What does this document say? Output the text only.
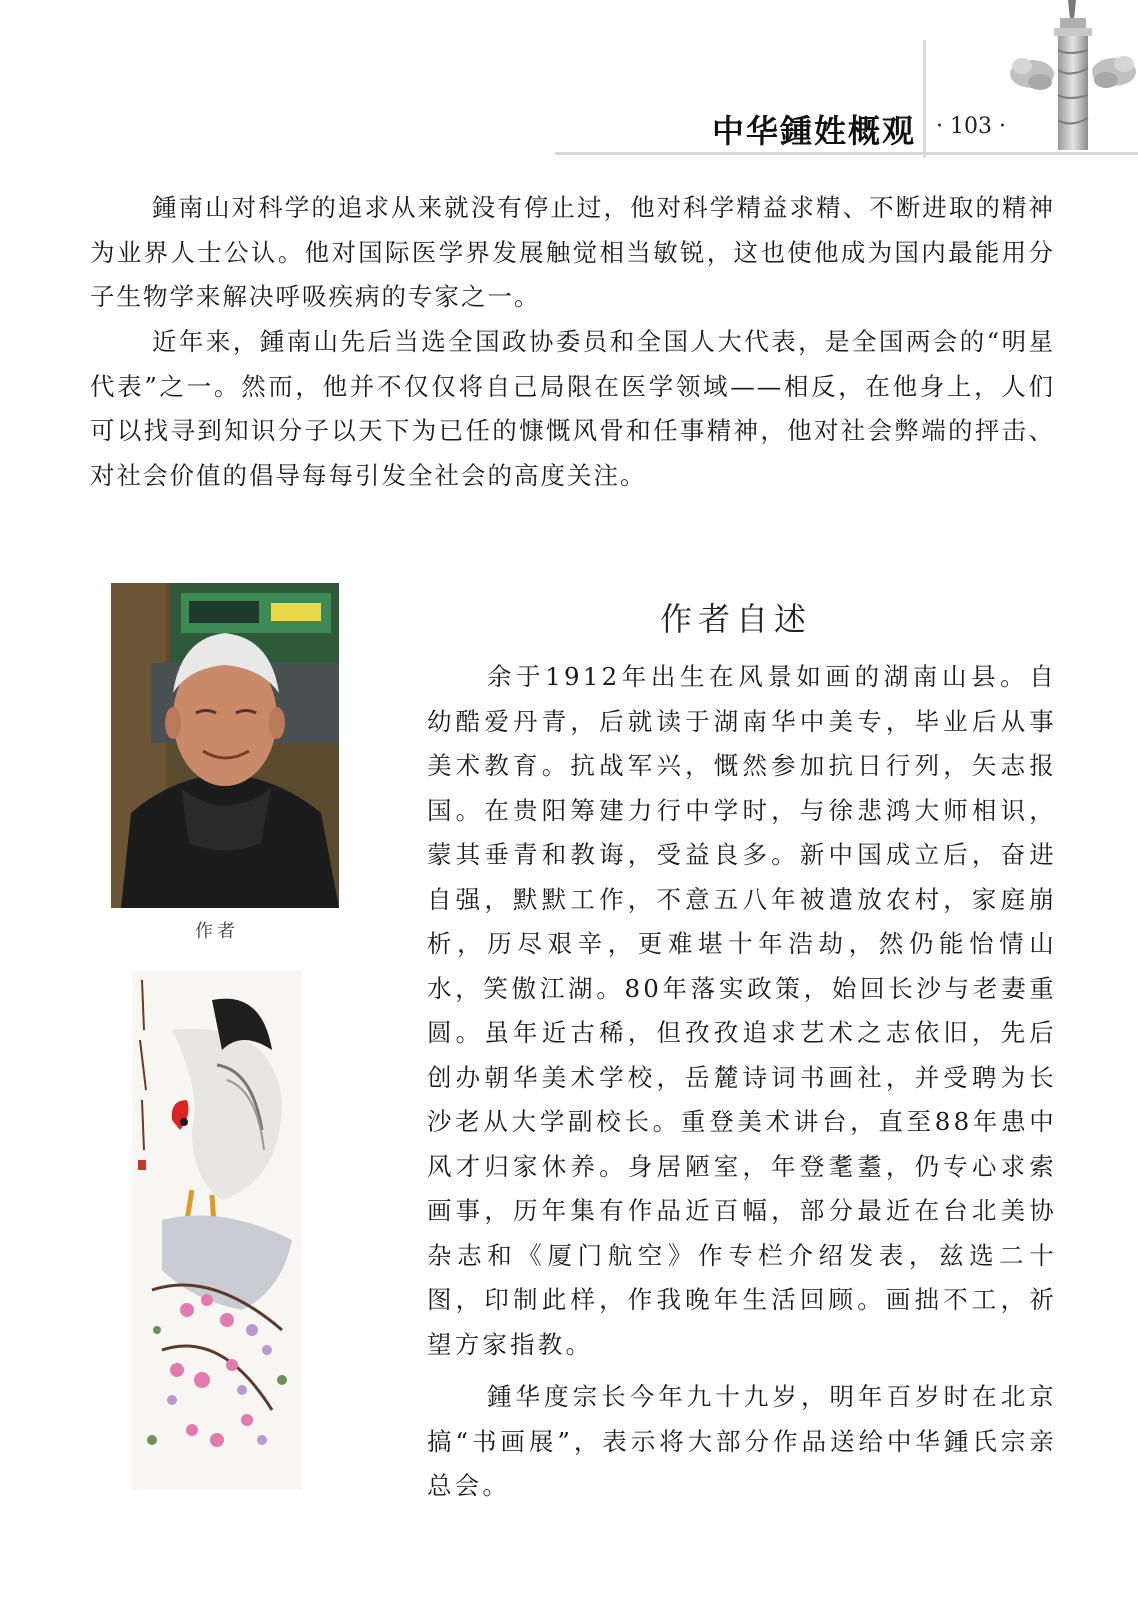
中华鍾姓概观 · 103 ·

鍾南山对科学的追求从来就没有停止过，他对科学精益求精、不断进取的精神为业界人士公认。他对国际医学界发展触觉相当敏锐，这也使他成为国内最能用分子生物学来解决呼吸疾病的专家之一。

近年来，鍾南山先后当选全国政协委员和全国人大代表，是全国两会的“明星代表”之一。然而，他并不仅仅将自己局限在医学领域——相反，在他身上，人们可以找寻到知识分子以天下为已任的慷慨风骨和任事精神，他对社会弊端的抨击、对社会价值的倡导每每引发全社会的高度关注。

作者
作者自述

余于1912年出生在风景如画的湖南山县。自幼酷爱丹青，后就读于湖南华中美专，毕业后从事美术教育。抗战军兴，慨然参加抗日行列，矢志报国。在贵阳筹建力行中学时，与徐悲鸿大师相识，蒙其垂青和教诲，受益良多。新中国成立后，奋进自强，默默工作，不意五八年被遣放农村，家庭崩析，历尽艰辛，更难堪十年浩劫，然仍能怡情山水，笑傲江湖。80年落实政策，始回长沙与老妻重圆。虽年近古稀，但孜孜追求艺术之志依旧，先后创办朝华美术学校，岳麓诗词书画社，并受聘为长沙老从大学副校长。重登美术讲台，直至88年患中风才归家休养。身居陋室，年登耄耋，仍专心求索画事，历年集有作品近百幅，部分最近在台北美协杂志和《厦门航空》作专栏介绍发表，兹选二十图，印制此样，作我晚年生活回顾。画拙不工，祈望方家指教。

鍾华度宗长今年九十九岁，明年百岁时在北京搞“书画展”，表示将大部分作品送给中华鍾氏宗亲总会。
